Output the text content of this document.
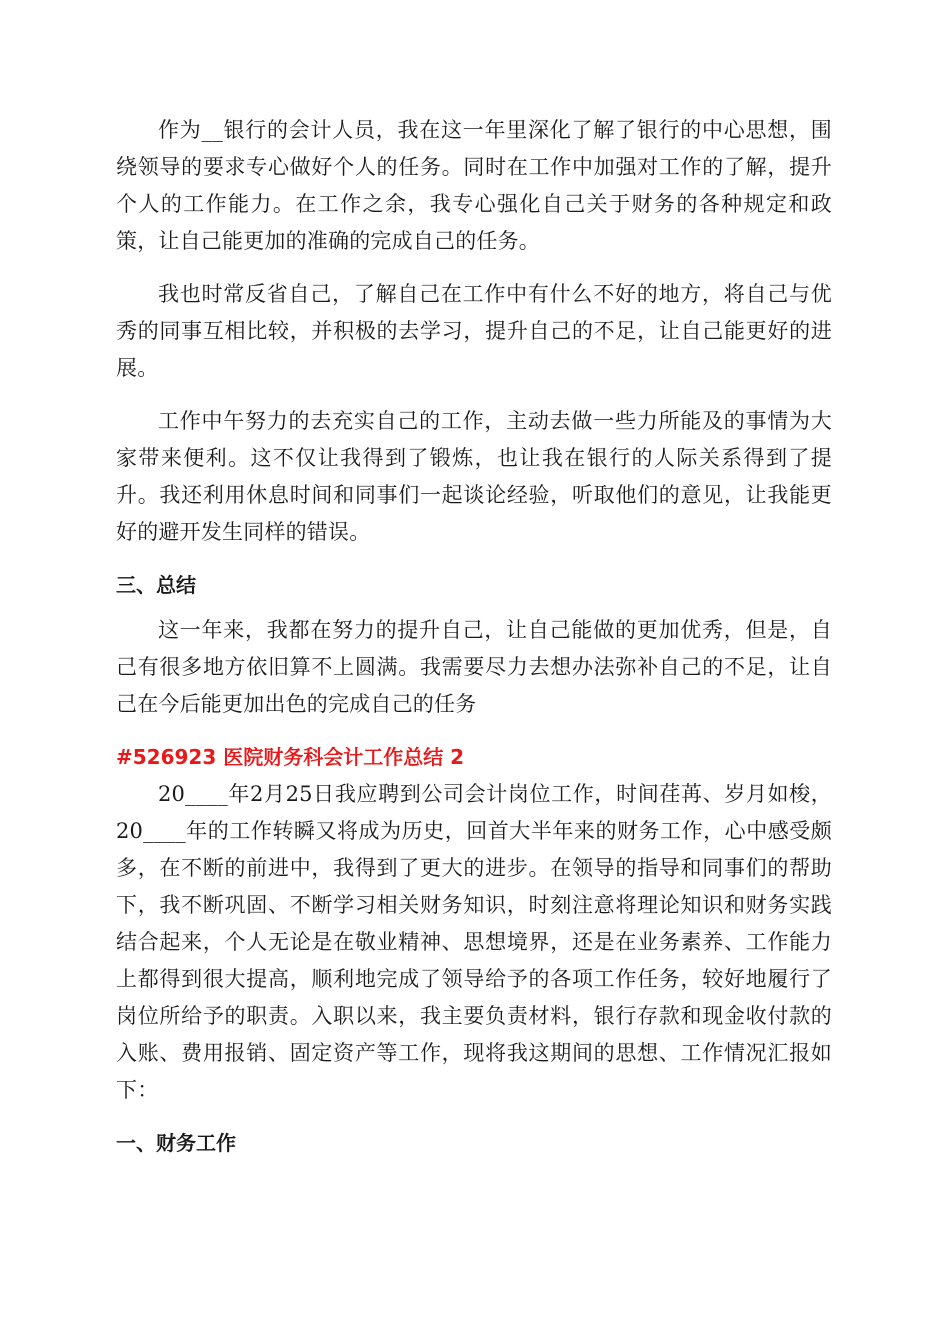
作为__银行的会计人员，我在这一年里深化了解了银行的中心思想，围绕领导的要求专心做好个人的任务。同时在工作中加强对工作的了解，提升个人的工作能力。在工作之余，我专心强化自己关于财务的各种规定和政策，让自己能更加的准确的完成自己的任务。

我也时常反省自己，了解自己在工作中有什么不好的地方，将自己与优秀的同事互相比较，并积极的去学习，提升自己的不足，让自己能更好的进展。

工作中午努力的去充实自己的工作，主动去做一些力所能及的事情为大家带来便利。这不仅让我得到了锻炼，也让我在银行的人际关系得到了提升。我还利用休息时间和同事们一起谈论经验，听取他们的意见，让我能更好的避开发生同样的错误。

三、总结

这一年来，我都在努力的提升自己，让自己能做的更加优秀，但是，自己有很多地方依旧算不上圆满。我需要尽力去想办法弥补自己的不足，让自己在今后能更加出色的完成自己的任务

#526923 医院财务科会计工作总结 2

20____年2月25日我应聘到公司会计岗位工作，时间荏苒、岁月如梭，20____年的工作转瞬又将成为历史，回首大半年来的财务工作，心中感受颇多，在不断的前进中，我得到了更大的进步。在领导的指导和同事们的帮助下，我不断巩固、不断学习相关财务知识，时刻注意将理论知识和财务实践结合起来，个人无论是在敬业精神、思想境界，还是在业务素养、工作能力上都得到很大提高，顺利地完成了领导给予的各项工作任务，较好地履行了岗位所给予的职责。入职以来，我主要负责材料，银行存款和现金收付款的入账、费用报销、固定资产等工作，现将我这期间的思想、工作情况汇报如下：

一、财务工作
